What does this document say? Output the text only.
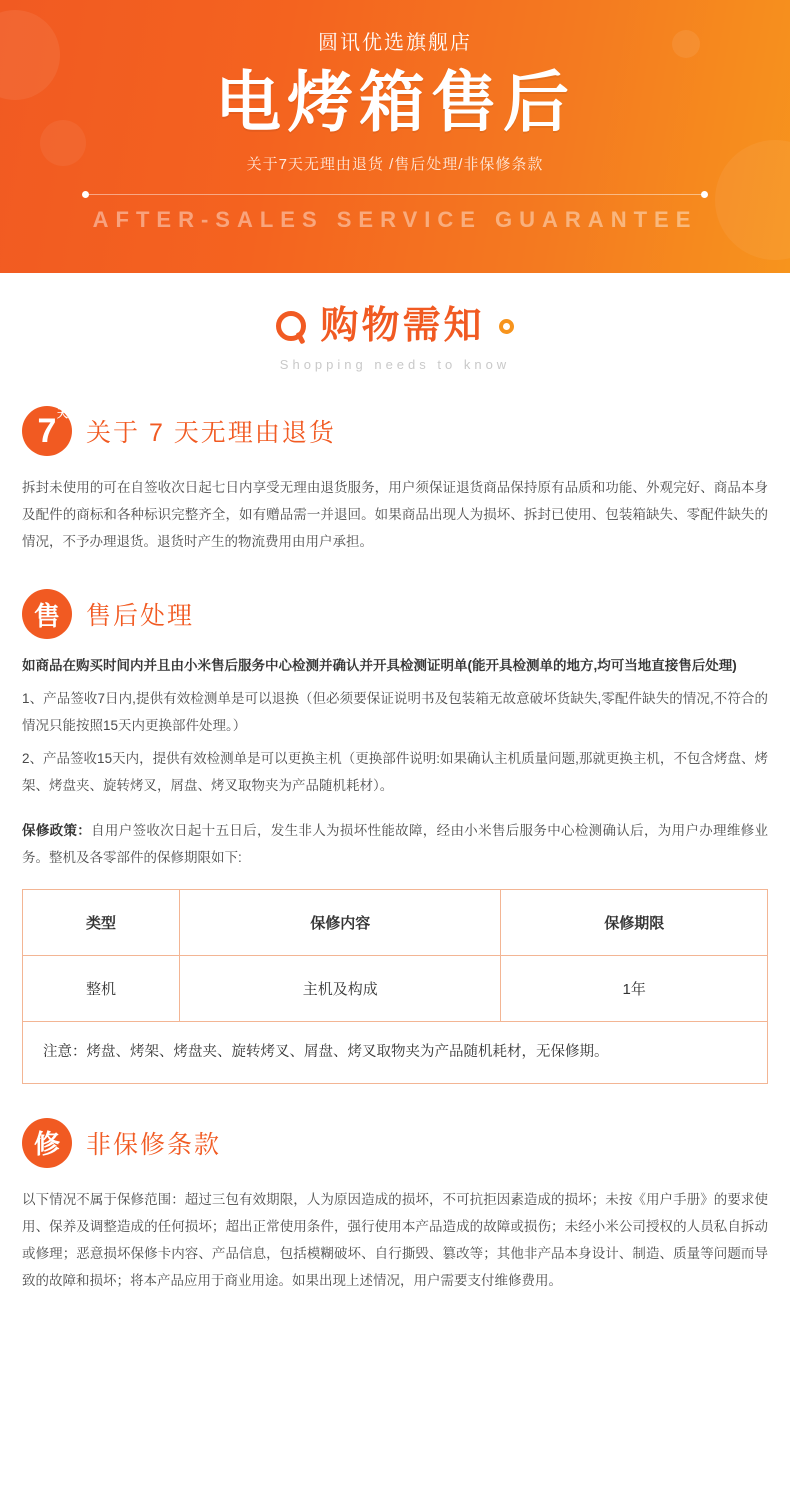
圆讯优选旗舰店
电烤箱售后
关于7天无理由退货 /售后处理/非保修条款
AFTER-SALES SERVICE GUARANTEE
购物需知
Shopping needs to know
7 天
关于 7 天无理由退货
拆封未使用的可在自签收次日起七日内享受无理由退货服务，用户须保证退货商品保持原有品质和功能、外观完好、商品本身及配件的商标和各种标识完整齐全，如有赠品需一并退回。如果商品出现人为损坏、拆封已使用、包装箱缺失、零配件缺失的情况，不予办理退货。退货时产生的物流费用由用户承担。
售	售后处理
如商品在购买时间内并且由小米售后服务中心检测并确认并开具检测证明单(能开具检测单的地方,均可当地直接售后处理)
1、产品签收7日内,提供有效检测单是可以退换（但必须要保证说明书及包装箱无故意破坏货缺失,零配件缺失的情况,不符合的情况只能按照15天内更换部件处理。）
2、产品签收15天内，提供有效检测单是可以更换主机（更换部件说明:如果确认主机质量问题,那就更换主机，不包含烤盘、烤架、烤盘夹、旋转烤叉，屑盘、烤叉取物夹为产品随机耗材）。
保修政策：自用户签收次日起十五日后，发生非人为损坏性能故障，经由小米售后服务中心检测确认后，为用户办理维修业务。整机及各零部件的保修期限如下:
类型	保修内容	保修期限
整机	主机及构成	1年
注意：烤盘、烤架、烤盘夹、旋转烤叉、屑盘、烤叉取物夹为产品随机耗材，无保修期。
修	非保修条款
以下情况不属于保修范围：超过三包有效期限，人为原因造成的损坏，不可抗拒因素造成的损坏；未按《用户手册》的要求使用、保养及调整造成的任何损坏；超出正常使用条件，强行使用本产品造成的故障或损伤；未经小米公司授权的人员私自拆动或修理；恶意损坏保修卡内容、产品信息，包括模糊破坏、自行撕毁、篡改等；其他非产品本身设计、制造、质量等问题而导致的故障和损坏；将本产品应用于商业用途。如果出现上述情况，用户需要支付维修费用。
